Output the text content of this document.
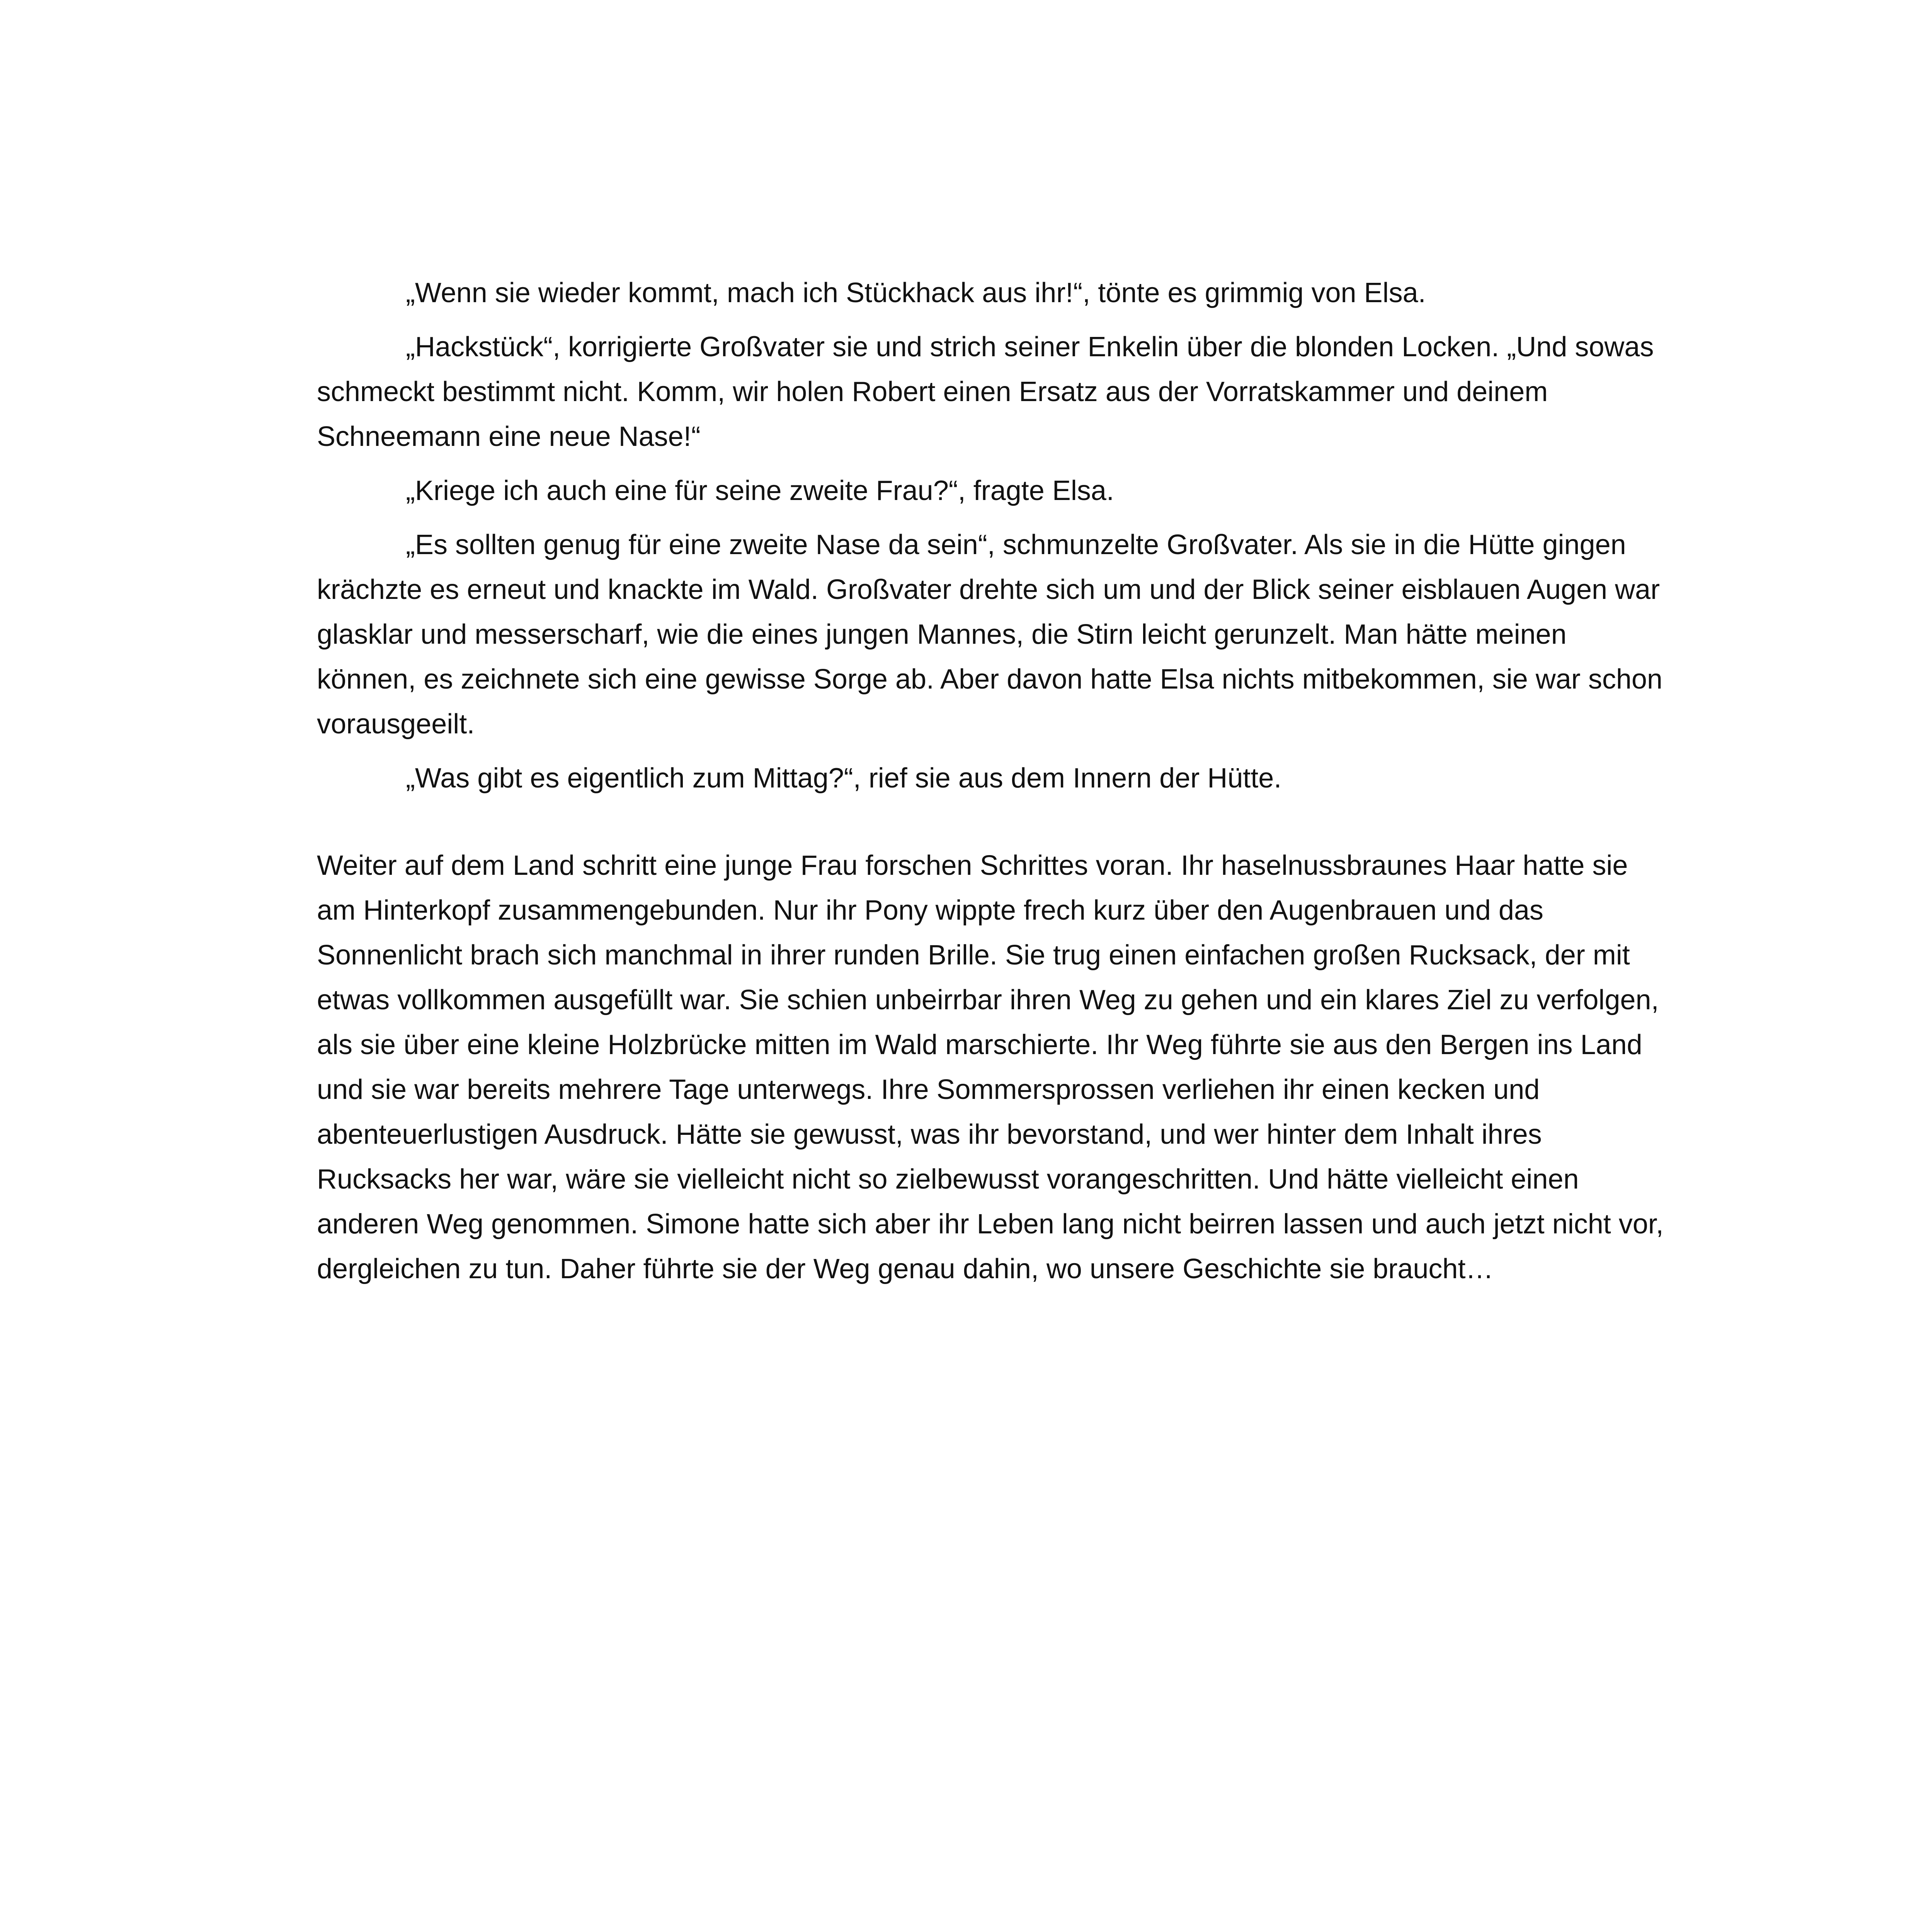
„Wenn sie wieder kommt, mach ich Stückhack aus ihr!“, tönte es grimmig von Elsa.

„Hackstück“, korrigierte Großvater sie und strich seiner Enkelin über die blonden Locken. „Und sowas schmeckt bestimmt nicht. Komm, wir holen Robert einen Ersatz aus der Vorratskammer und deinem Schneemann eine neue Nase!“

„Kriege ich auch eine für seine zweite Frau?“, fragte Elsa.

„Es sollten genug für eine zweite Nase da sein“, schmunzelte Großvater. Als sie in die Hütte gingen krächzte es erneut und knackte im Wald. Großvater drehte sich um und der Blick seiner eisblauen Augen war glasklar und messerscharf, wie die eines jungen Mannes, die Stirn leicht gerunzelt. Man hätte meinen können, es zeichnete sich eine gewisse Sorge ab. Aber davon hatte Elsa nichts mitbekommen, sie war schon vorausgeeilt.

„Was gibt es eigentlich zum Mittag?“, rief sie aus dem Innern der Hütte.

Weiter auf dem Land schritt eine junge Frau forschen Schrittes voran. Ihr haselnussbraunes Haar hatte sie am Hinterkopf zusammengebunden. Nur ihr Pony wippte frech kurz über den Augenbrauen und das Sonnenlicht brach sich manchmal in ihrer runden Brille. Sie trug einen einfachen großen Rucksack, der mit etwas vollkommen ausgefüllt war. Sie schien unbeirrbar ihren Weg zu gehen und ein klares Ziel zu verfolgen, als sie über eine kleine Holzbrücke mitten im Wald marschierte. Ihr Weg führte sie aus den Bergen ins Land und sie war bereits mehrere Tage unterwegs. Ihre Sommersprossen verliehen ihr einen kecken und abenteuerlustigen Ausdruck. Hätte sie gewusst, was ihr bevorstand, und wer hinter dem Inhalt ihres Rucksacks her war, wäre sie vielleicht nicht so zielbewusst vorangeschritten. Und hätte vielleicht einen anderen Weg genommen. Simone hatte sich aber ihr Leben lang nicht beirren lassen und auch jetzt nicht vor, dergleichen zu tun. Daher führte sie der Weg genau dahin, wo unsere Geschichte sie braucht…
